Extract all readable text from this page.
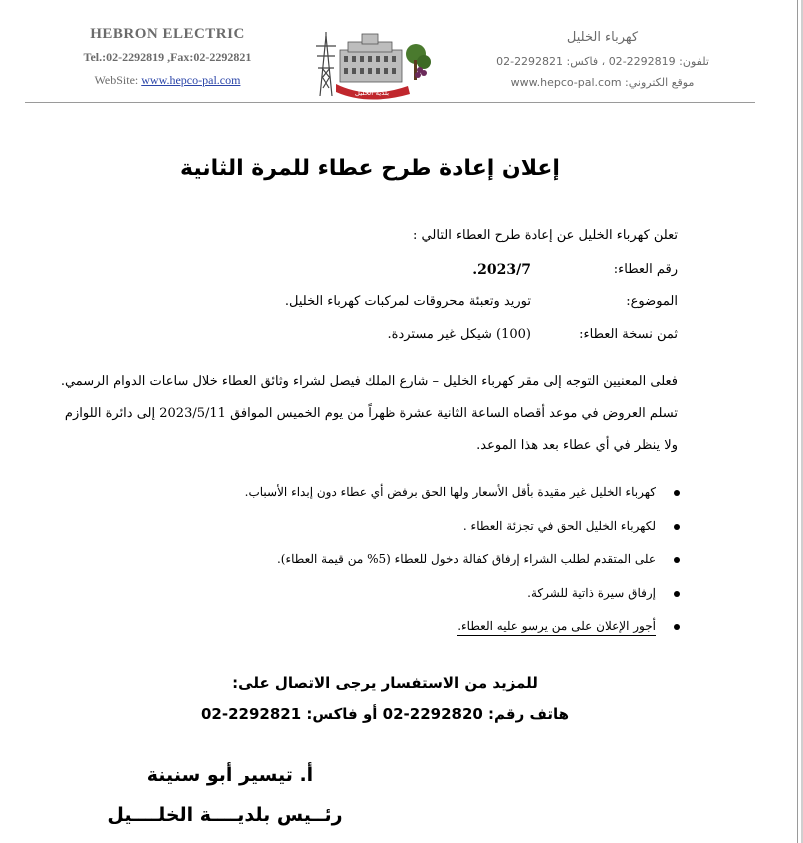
HEBRON ELECTRIC
Tel.:02-2292819 ,Fax:02-2292821
WebSite: www.hepco-pal.com
بلدية الخليل
كهرباء الخليل
تلفون: 2292819-02 ، فاكس: 2292821-02
موقع الكتروني: www.hepco-pal.com
إعلان إعادة طرح عطاء للمرة الثانية
تعلن كهرباء الخليل عن إعادة طرح العطاء التالي :
رقم العطاء:
2023/7.
الموضوع:
توريد وتعبئة محروقات لمركبات كهرباء الخليل.
ثمن نسخة العطاء:
(100) شيكل غير مستردة.
فعلى المعنيين التوجه إلى مقر كهرباء الخليل – شارع الملك فيصل لشراء وثائق العطاء خلال ساعات الدوام الرسمي.
تسلم العروض في موعد أقصاه الساعة الثانية عشرة ظهراً من يوم الخميس الموافق 2023/5/11 إلى دائرة اللوازم
ولا ينظر في أي عطاء بعد هذا الموعد.
كهرباء الخليل غير مقيدة بأقل الأسعار ولها الحق برفض أي عطاء دون إبداء الأسباب.
لكهرباء الخليل الحق في تجزئة العطاء .
على المتقدم لطلب الشراء إرفاق كفالة دخول للعطاء (5% من قيمة العطاء).
إرفاق سيرة ذاتية للشركة.
أجور الإعلان على من يرسو عليه العطاء.
للمزيد من الاستفسار يرجى الاتصال على:
هاتف رقم: 2292820-02 أو فاكس: 2292821-02
أ. تيسير أبو سنينة
رئــيس بلديــــة الخلــــيل
